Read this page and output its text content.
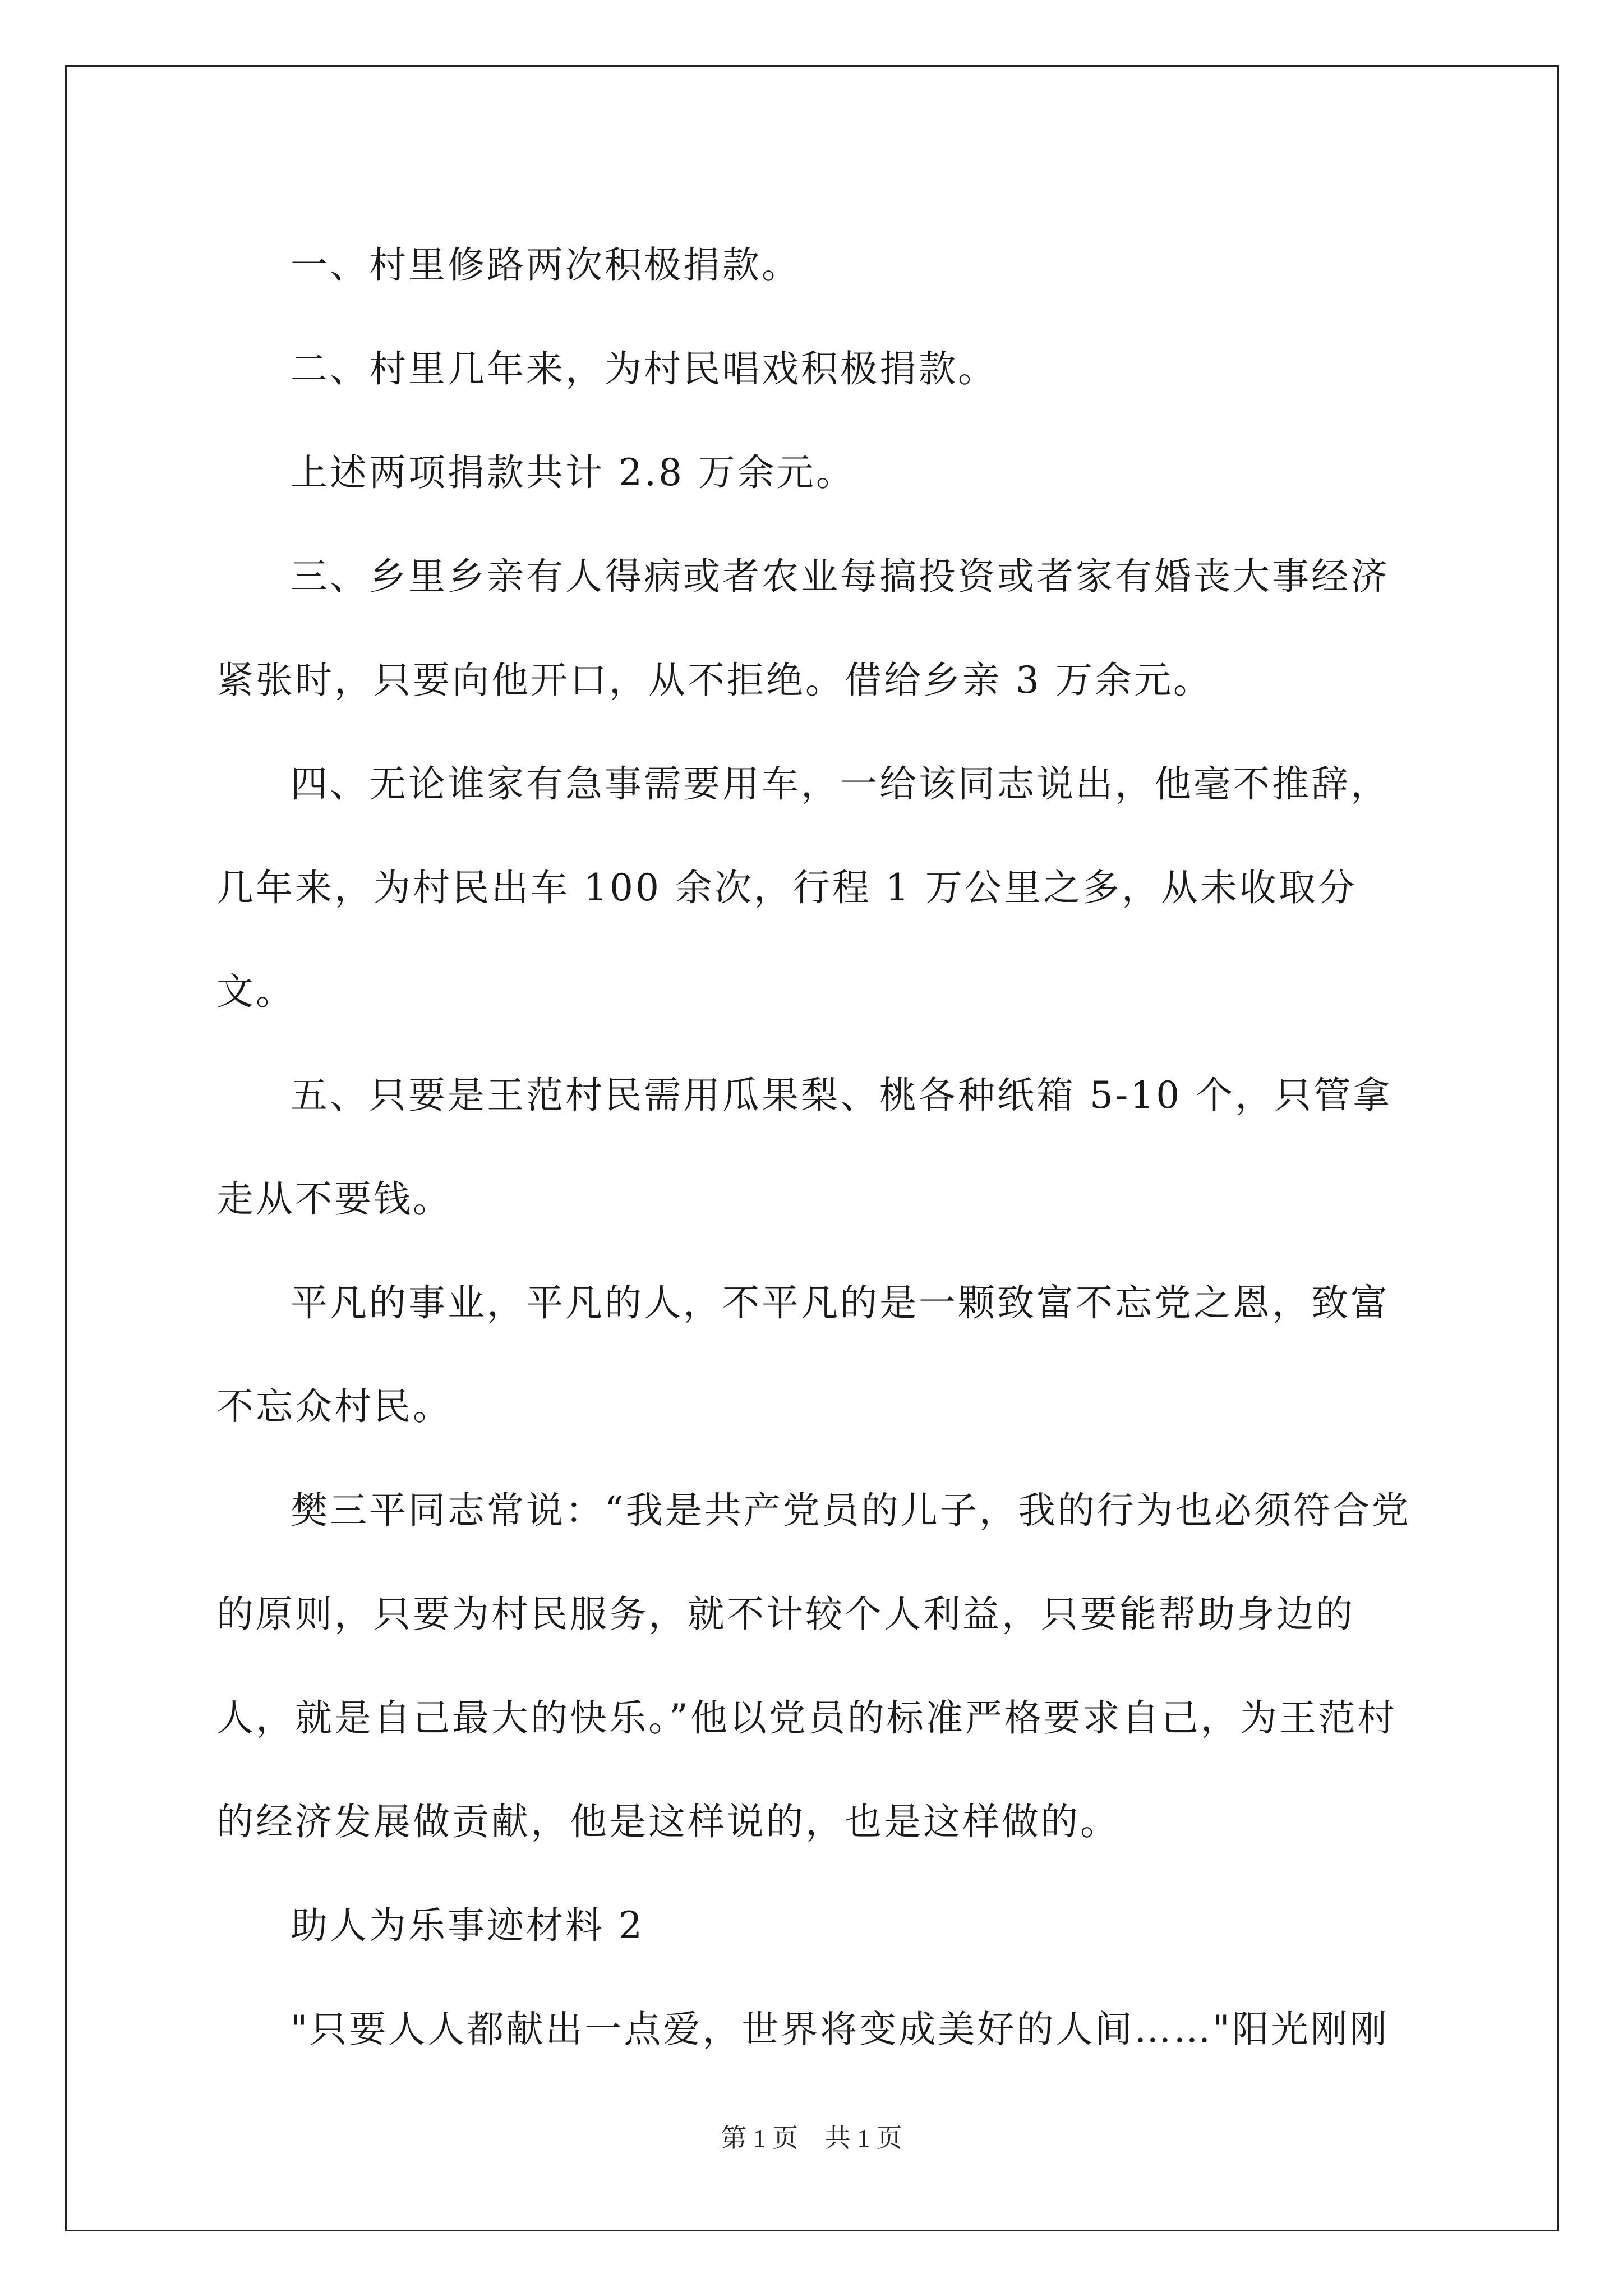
一、村里修路两次积极捐款。

二、村里几年来，为村民唱戏积极捐款。

上述两项捐款共计 2.8 万余元。

三、乡里乡亲有人得病或者农业每搞投资或者家有婚丧大事经济紧张时，只要向他开口，从不拒绝。借给乡亲 3 万余元。

四、无论谁家有急事需要用车，一给该同志说出，他毫不推辞，几年来，为村民出车 100 余次，行程 1 万公里之多，从未收取分文。

五、只要是王范村民需用瓜果梨、桃各种纸箱 5-10 个，只管拿走从不要钱。

平凡的事业，平凡的人，不平凡的是一颗致富不忘党之恩，致富不忘众村民。

樊三平同志常说：“我是共产党员的儿子，我的行为也必须符合党的原则，只要为村民服务，就不计较个人利益，只要能帮助身边的人，就是自己最大的快乐。”他以党员的标准严格要求自己，为王范村的经济发展做贡献，他是这样说的，也是这样做的。

助人为乐事迹材料 2

"只要人人都献出一点爱，世界将变成美好的人间……"阳光刚刚

第 1 页 共 1 页
